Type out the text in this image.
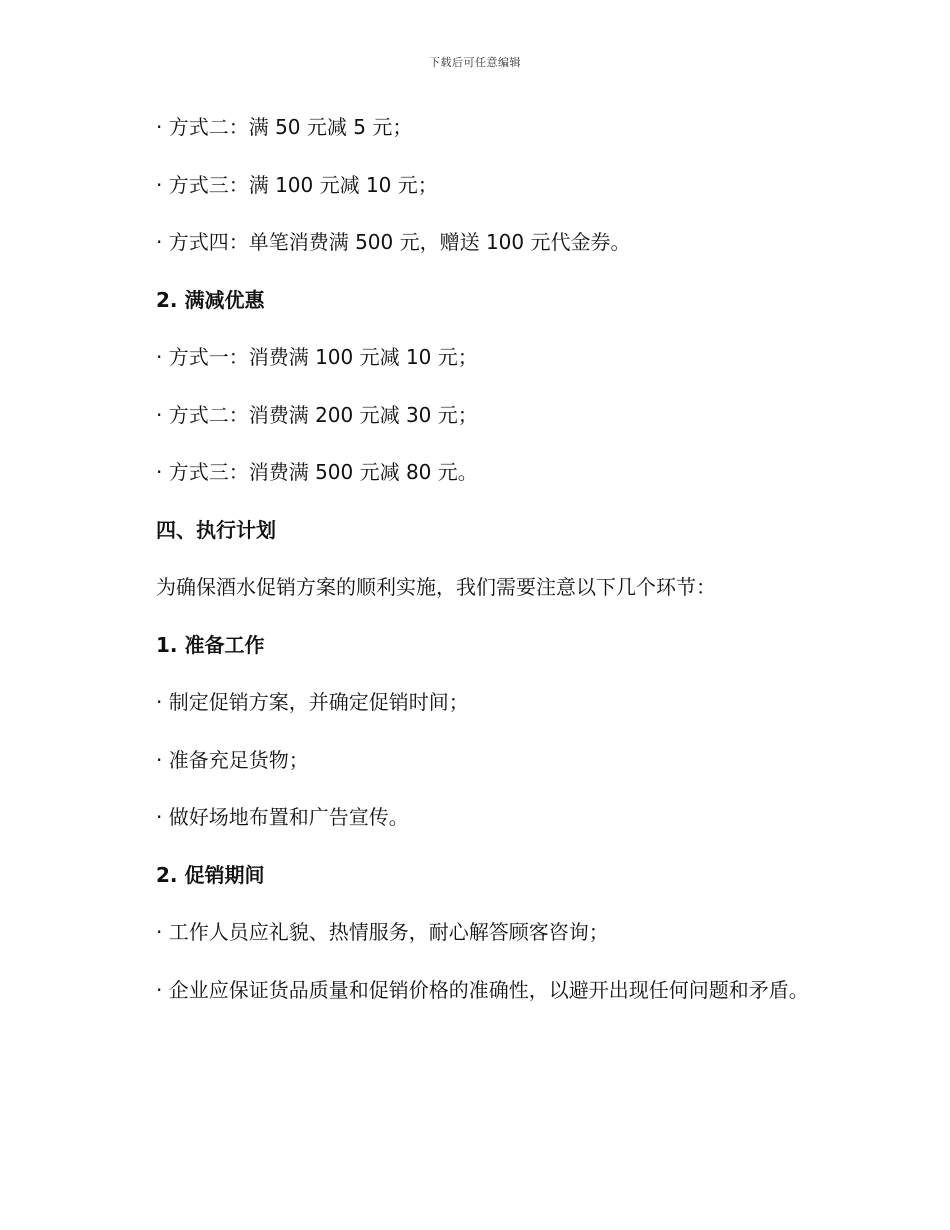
下载后可任意编辑
· 方式二：满 50 元减 5 元；
· 方式三：满 100 元减 10 元；
· 方式四：单笔消费满 500 元，赠送 100 元代金券。
2. 满减优惠
· 方式一：消费满 100 元减 10 元；
· 方式二：消费满 200 元减 30 元；
· 方式三：消费满 500 元减 80 元。
四、执行计划
为确保酒水促销方案的顺利实施，我们需要注意以下几个环节：
1. 准备工作
· 制定促销方案，并确定促销时间；
· 准备充足货物；
· 做好场地布置和广告宣传。
2. 促销期间
· 工作人员应礼貌、热情服务，耐心解答顾客咨询；
· 企业应保证货品质量和促销价格的准确性，以避开出现任何问题和矛盾。
